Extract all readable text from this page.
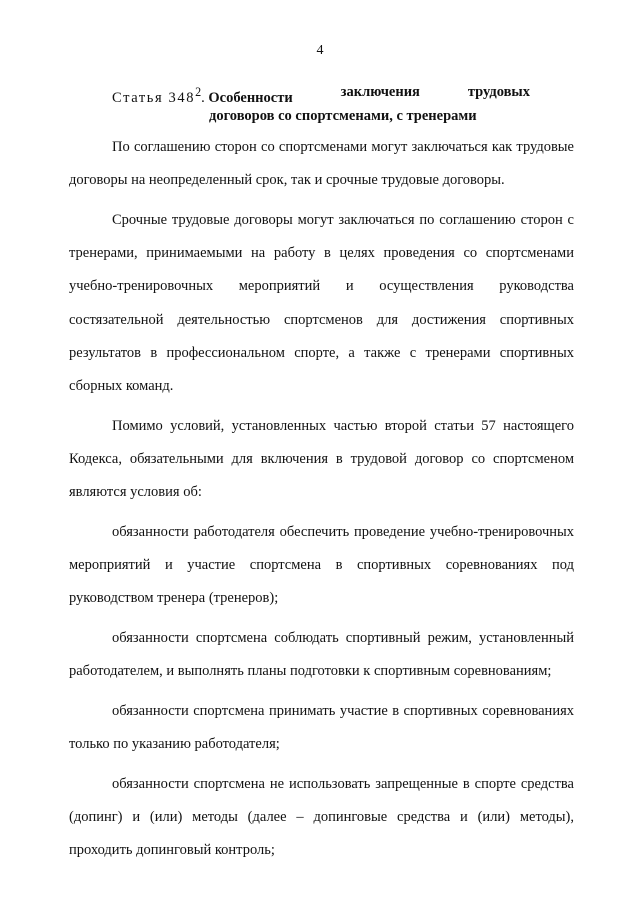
4
Статья $348^2$. Особенности	заключения	трудовых
договоров со спортсменами, с тренерами

По соглашению сторон со спортсменами могут заключаться как трудовые договоры на неопределенный срок, так и срочные трудовые договоры.

Срочные трудовые договоры могут заключаться по соглашению сторон с тренерами, принимаемыми на работу в целях проведения со спортсменами учебно-тренировочных мероприятий и осуществления руководства состязательной деятельностью спортсменов для достижения спортивных результатов в профессиональном спорте, а также с тренерами спортивных сборных команд.

Помимо условий, установленных частью второй статьи 57 настоящего Кодекса, обязательными для включения в трудовой договор со спортсменом являются условия об:

обязанности работодателя обеспечить проведение учебно-тренировочных мероприятий и участие спортсмена в спортивных соревнованиях под руководством тренера (тренеров);

обязанности спортсмена соблюдать спортивный режим, установленный работодателем, и выполнять планы подготовки к спортивным соревнованиям;

обязанности спортсмена принимать участие в спортивных соревнованиях только по указанию работодателя;

обязанности спортсмена не использовать запрещенные в спорте средства (допинг) и (или) методы (далее – допинговые средства и (или) методы), проходить допинговый контроль;
